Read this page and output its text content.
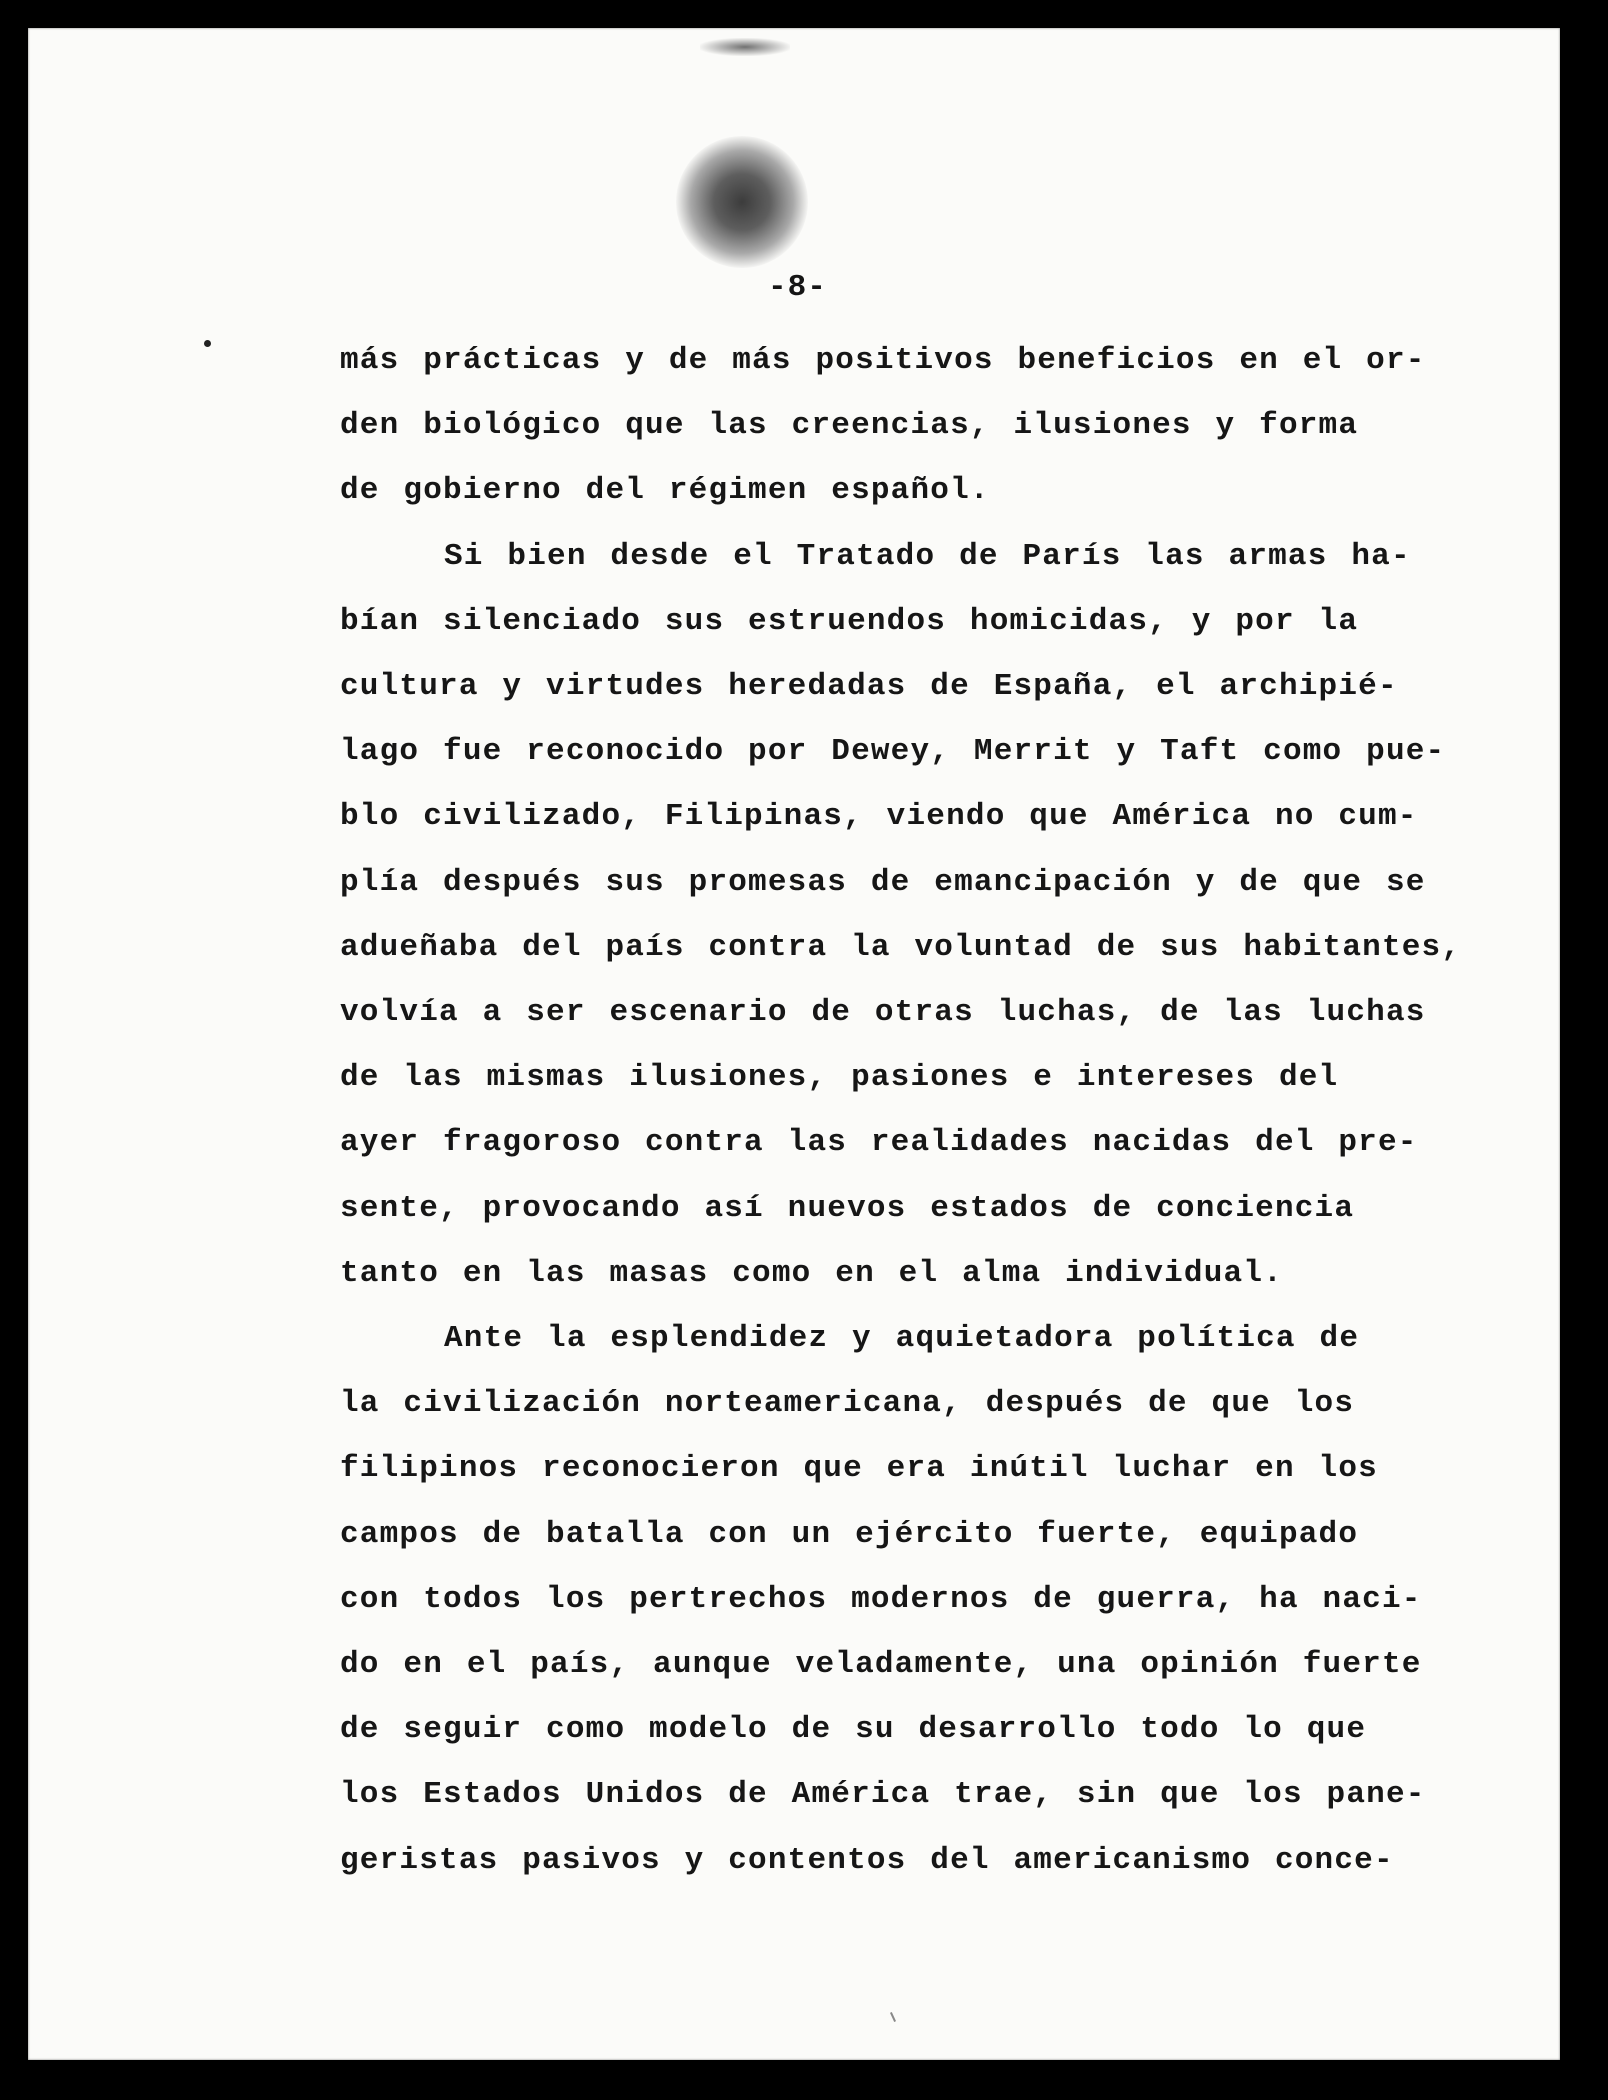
-8-
más prácticas y de más positivos beneficios en el or-
den biológico que las creencias, ilusiones y forma
de gobierno del régimen español.
Si bien desde el Tratado de París las armas ha-
bían silenciado sus estruendos homicidas, y por la
cultura y virtudes heredadas de España, el archipié-
lago fue reconocido por Dewey, Merrit y Taft como pue-
blo civilizado, Filipinas, viendo que América no cum-
plía después sus promesas de emancipación y de que se
adueñaba del país contra la voluntad de sus habitantes,
volvía a ser escenario de otras luchas, de las luchas
de las mismas ilusiones, pasiones e intereses del
ayer fragoroso contra las realidades nacidas del pre-
sente, provocando así nuevos estados de conciencia
tanto en las masas como en el alma individual.
Ante la esplendidez y aquietadora política de
la civilización norteamericana, después de que los
filipinos reconocieron que era inútil luchar en los
campos de batalla con un ejército fuerte, equipado
con todos los pertrechos modernos de guerra, ha naci-
do en el país, aunque veladamente, una opinión fuerte
de seguir como modelo de su desarrollo todo lo que
los Estados Unidos de América trae, sin que los pane-
geristas pasivos y contentos del americanismo conce-
